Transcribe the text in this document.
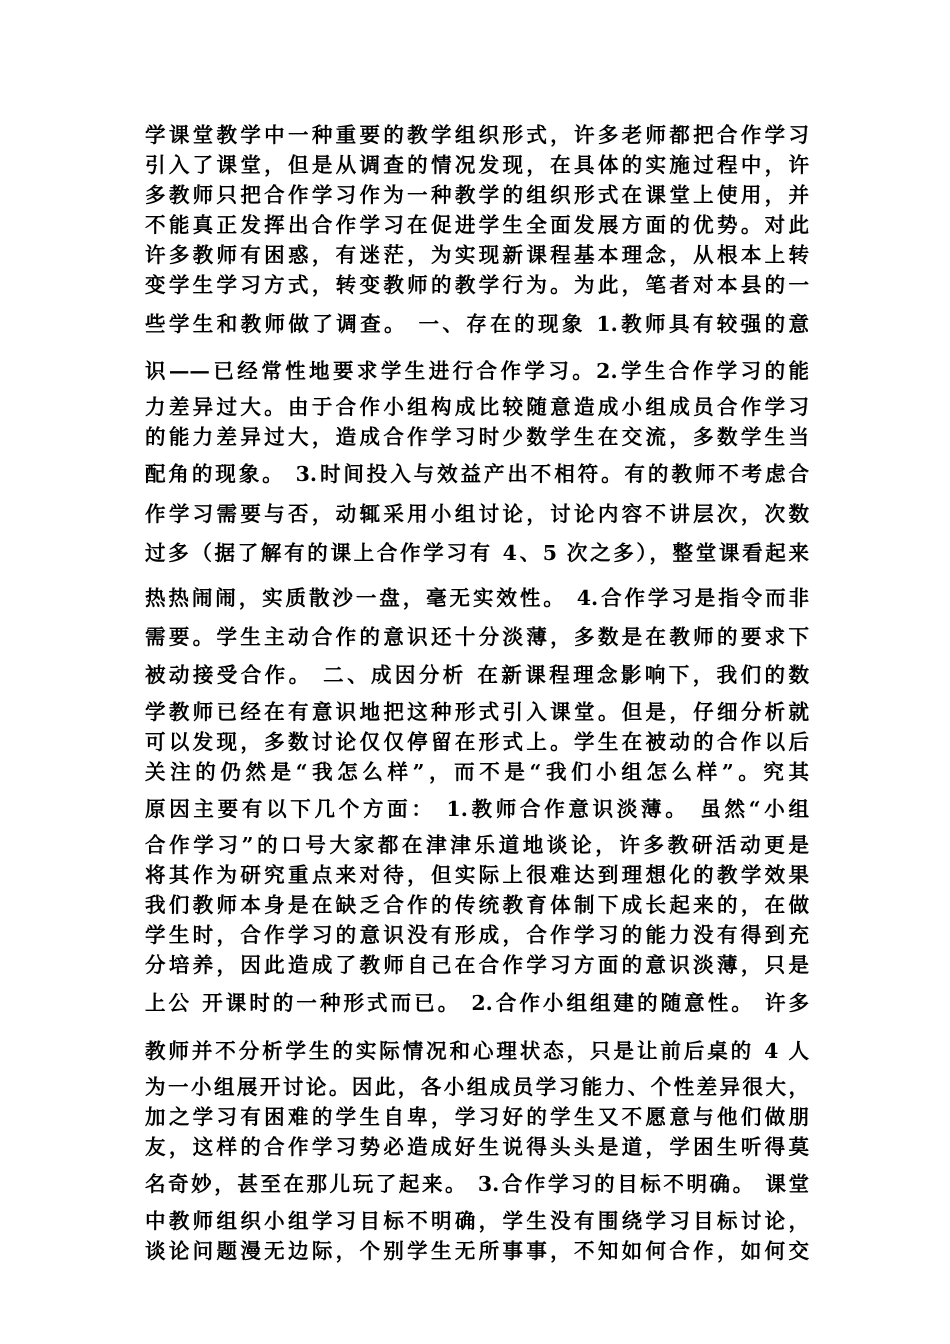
学课堂教学中一种重要的教学组织形式，许多老师都把合作学习
引入了课堂，但是从调查的情况发现，在具体的实施过程中，许
多教师只把合作学习作为一种教学的组织形式在课堂上使用，并
不能真正发挥出合作学习在促进学生全面发展方面的优势。对此
许多教师有困惑，有迷茫，为实现新课程基本理念，从根本上转
变学生学习方式，转变教师的教学行为。为此，笔者对本县的一
些学生和教师做了调查。 一、存在的现象 1.教师具有较强的意
识——已经常性地要求学生进行合作学习。2.学生合作学习的能
力差异过大。由于合作小组构成比较随意造成小组成员合作学习
的能力差异过大，造成合作学习时少数学生在交流，多数学生当
配角的现象。 3.时间投入与效益产出不相符。有的教师不考虑合
作学习需要与否，动辄采用小组讨论，讨论内容不讲层次，次数
过多（据了解有的课上合作学习有 4、5 次之多），整堂课看起来
热热闹闹，实质散沙一盘，毫无实效性。 4.合作学习是指令而非
需要。学生主动合作的意识还十分淡薄，多数是在教师的要求下
被动接受合作。 二、成因分析 在新课程理念影响下，我们的数
学教师已经在有意识地把这种形式引入课堂。但是，仔细分析就
可以发现，多数讨论仅仅停留在形式上。学生在被动的合作以后
关注的仍然是“我怎么样”，而不是“我们小组怎么样”。究其
原因主要有以下几个方面： 1.教师合作意识淡薄。 虽然“小组
合作学习”的口号大家都在津津乐道地谈论，许多教研活动更是
将其作为研究重点来对待，但实际上很难达到理想化的教学效果
我们教师本身是在缺乏合作的传统教育体制下成长起来的，在做
学生时，合作学习的意识没有形成，合作学习的能力没有得到充
分培养，因此造成了教师自己在合作学习方面的意识淡薄，只是
上公 开课时的一种形式而已。 2.合作小组组建的随意性。 许多
教师并不分析学生的实际情况和心理状态，只是让前后桌的 4 人
为一小组展开讨论。因此，各小组成员学习能力、个性差异很大，
加之学习有困难的学生自卑，学习好的学生又不愿意与他们做朋
友，这样的合作学习势必造成好生说得头头是道，学困生听得莫
名奇妙，甚至在那儿玩了起来。 3.合作学习的目标不明确。 课堂
中教师组织小组学习目标不明确，学生没有围绕学习目标讨论，
谈论问题漫无边际，个别学生无所事事，不知如何合作，如何交
